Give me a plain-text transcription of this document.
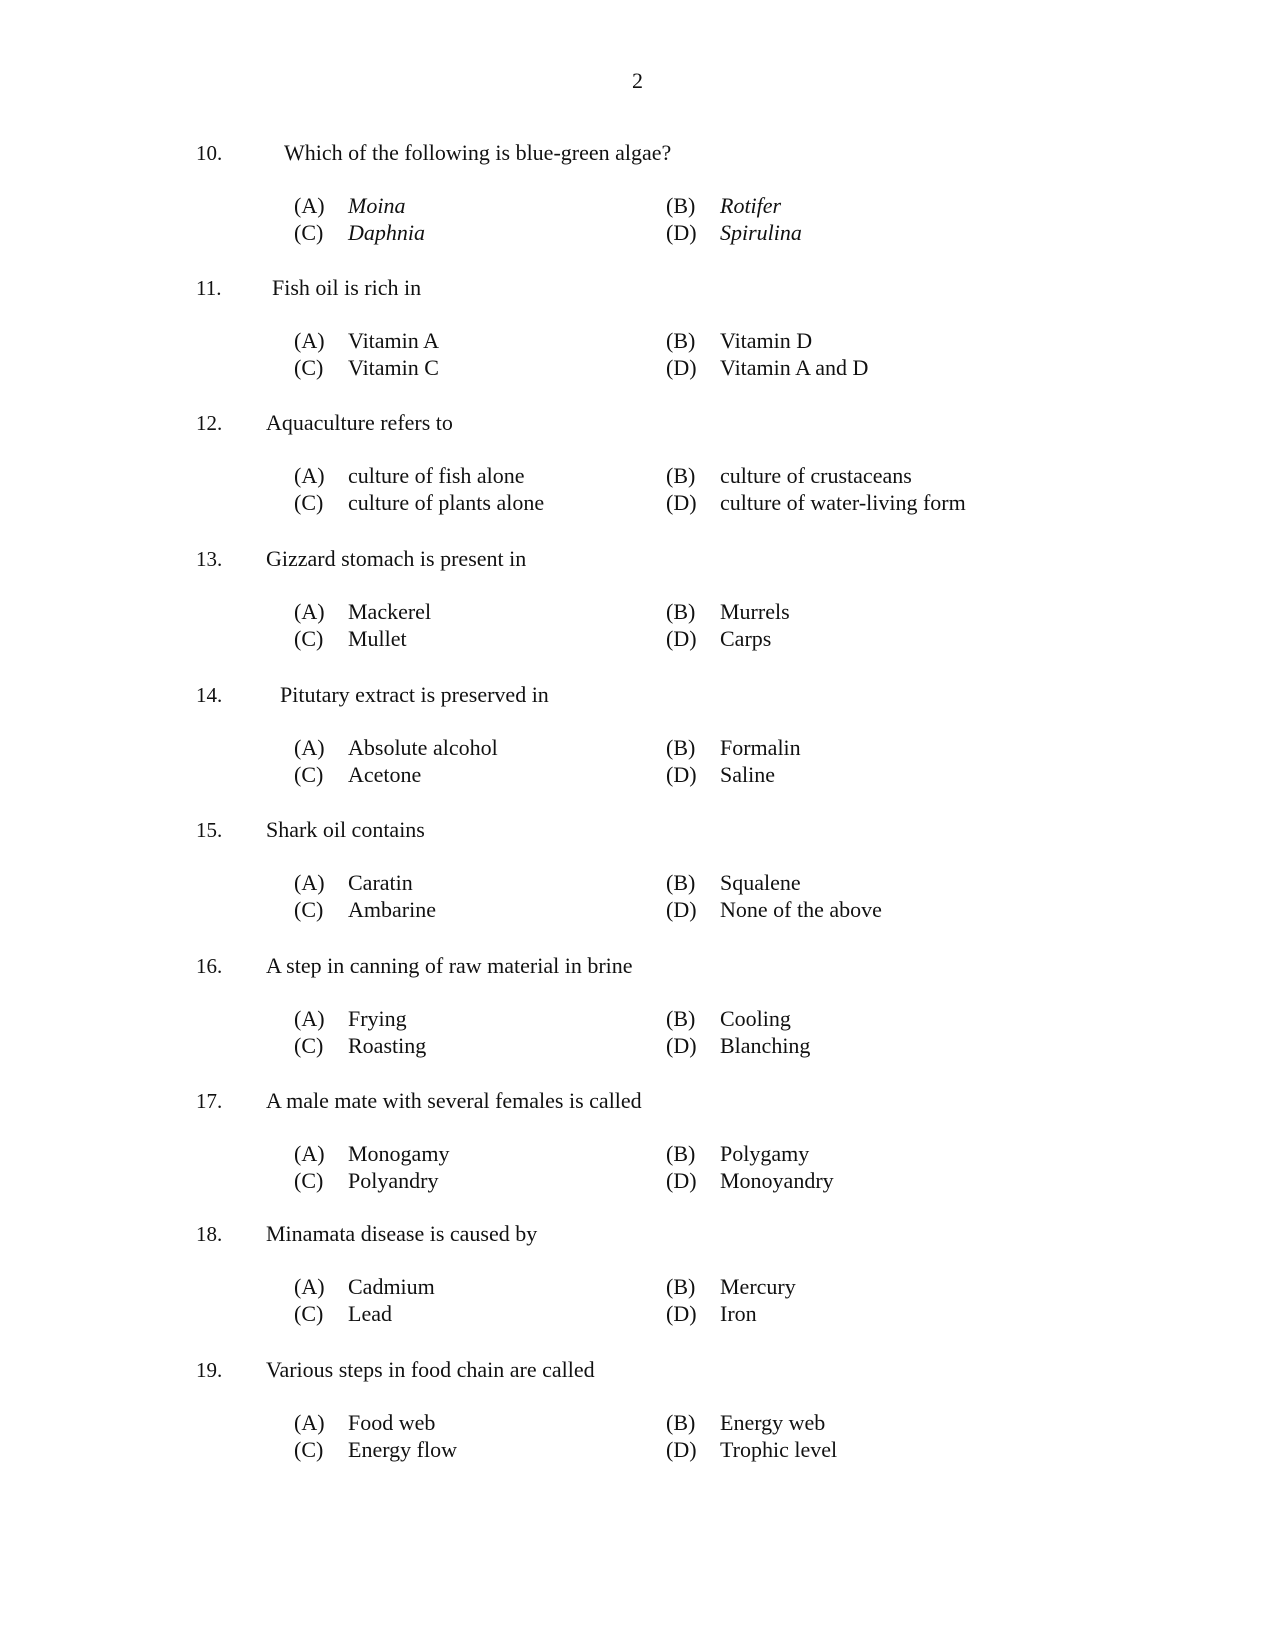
2
10.	Which of the following is blue-green algae?
(A) Moina	(B) Rotifer
(C) Daphnia	(D) Spirulina
11. Fish oil is rich in
(A) Vitamin A	(B) Vitamin D
(C) Vitamin C	(D) Vitamin A and D
12. Aquaculture refers to
(A) culture of fish alone	(B) culture of crustaceans
(C) culture of plants alone	(D) culture of water-living form
13. Gizzard stomach is present in
(A) Mackerel	(B) Murrels
(C) Mullet	(D) Carps
14.	Pitutary extract is preserved in
(A) Absolute alcohol	(B) Formalin
(C) Acetone	(D) Saline
15. Shark oil contains
(A) Caratin	(B) Squalene
(C) Ambarine	(D) None of the above
16. A step in canning of raw material in brine
(A) Frying	(B) Cooling
(C) Roasting	(D) Blanching
17. A male mate with several females is called
(A) Monogamy	(B) Polygamy
(C) Polyandry	(D) Monoyandry
18. Minamata disease is caused by
(A) Cadmium	(B) Mercury
(C) Lead	(D) Iron
19. Various steps in food chain are called
(A) Food web	(B) Energy web
(C) Energy flow	(D) Trophic level
